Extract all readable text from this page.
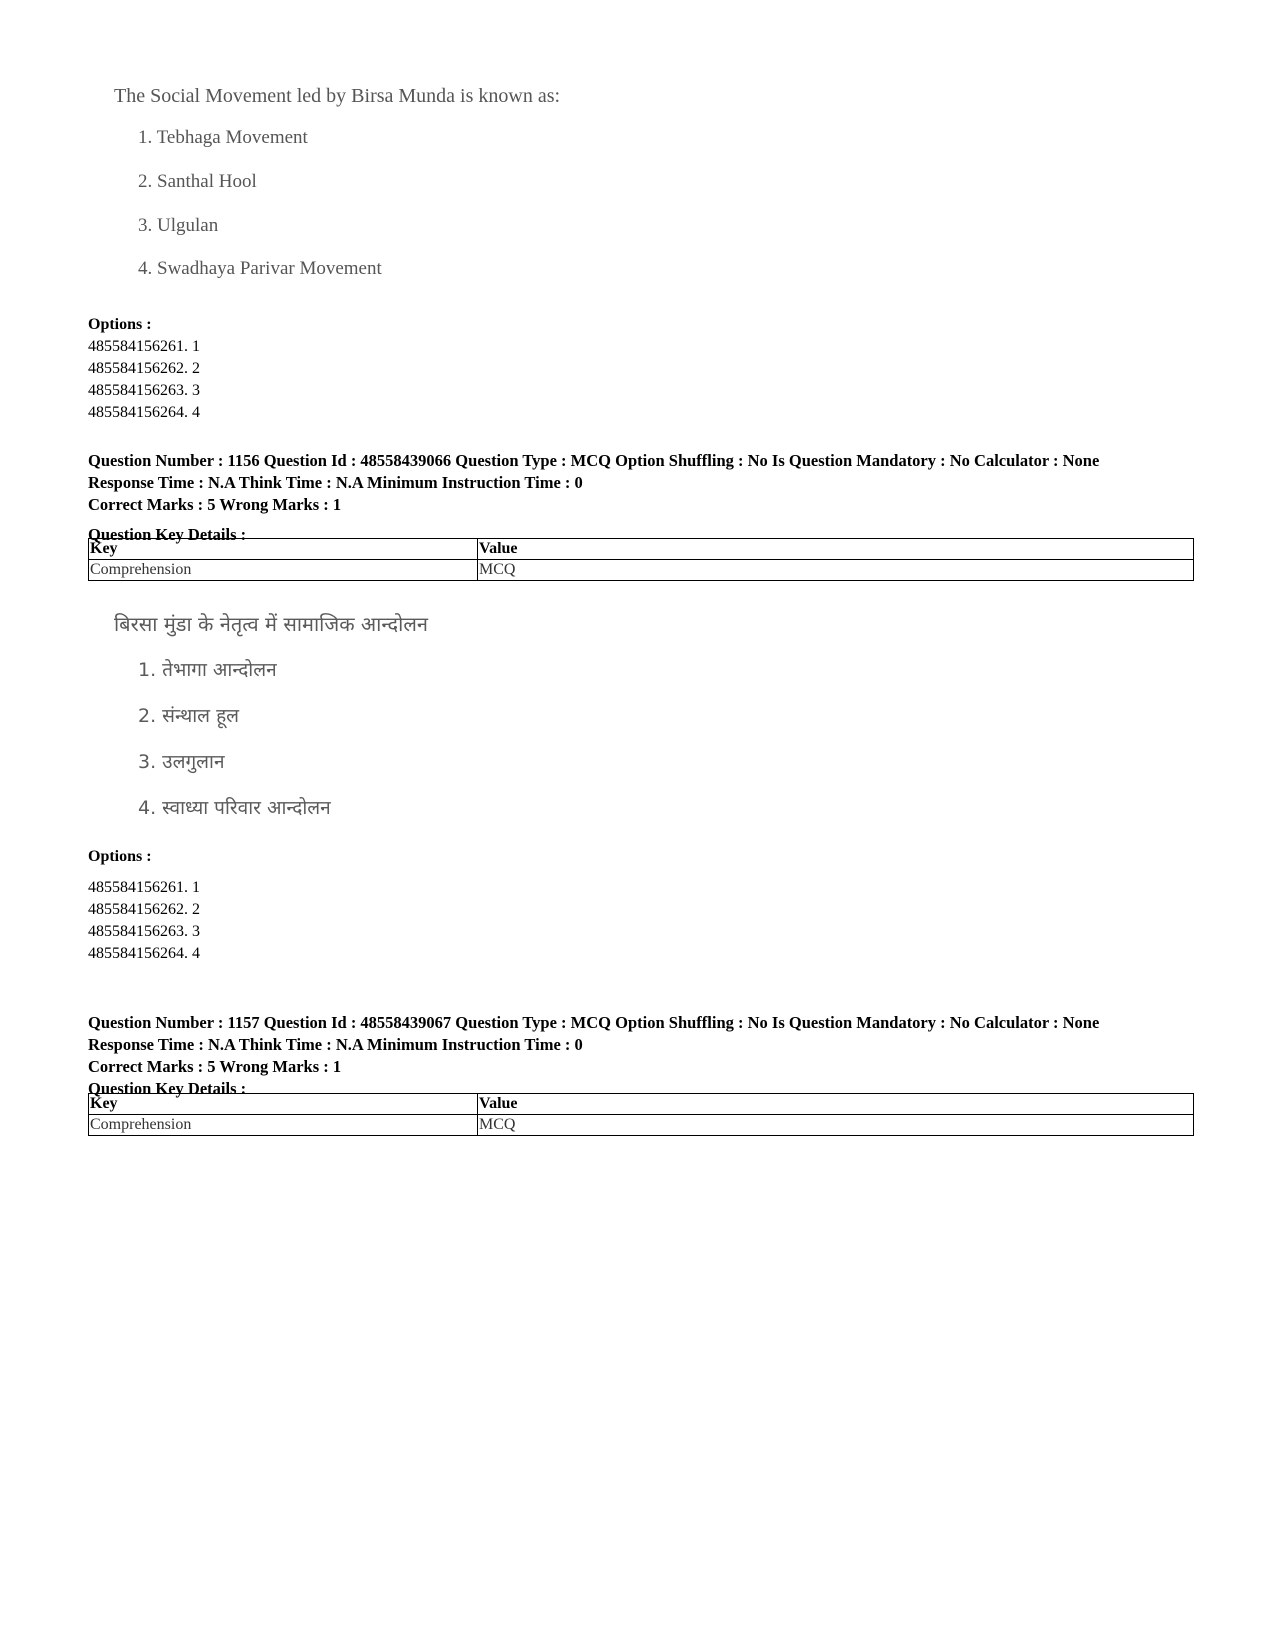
The Social Movement led by Birsa Munda is known as:
1. Tebhaga Movement
2. Santhal Hool
3. Ulgulan
4. Swadhaya Parivar Movement
Options :
485584156261. 1
485584156262. 2
485584156263. 3
485584156264. 4
Question Number : 1156 Question Id : 48558439066 Question Type : MCQ Option Shuffling : No Is Question Mandatory : No Calculator : None
Response Time : N.A Think Time : N.A Minimum Instruction Time : 0
Correct Marks : 5 Wrong Marks : 1
Question Key Details :
Key	Value
Comprehension	MCQ
बिरसा मुंडा के नेतृत्व में सामाजिक आन्दोलन
1. तेभागा आन्दोलन
2. संन्थाल हूल
3. उलगुलान
4. स्वाध्या परिवार आन्दोलन
Options :
485584156261. 1
485584156262. 2
485584156263. 3
485584156264. 4
Question Number : 1157 Question Id : 48558439067 Question Type : MCQ Option Shuffling : No Is Question Mandatory : No Calculator : None
Response Time : N.A Think Time : N.A Minimum Instruction Time : 0
Correct Marks : 5 Wrong Marks : 1
Question Key Details :
Key	Value
Comprehension	MCQ
